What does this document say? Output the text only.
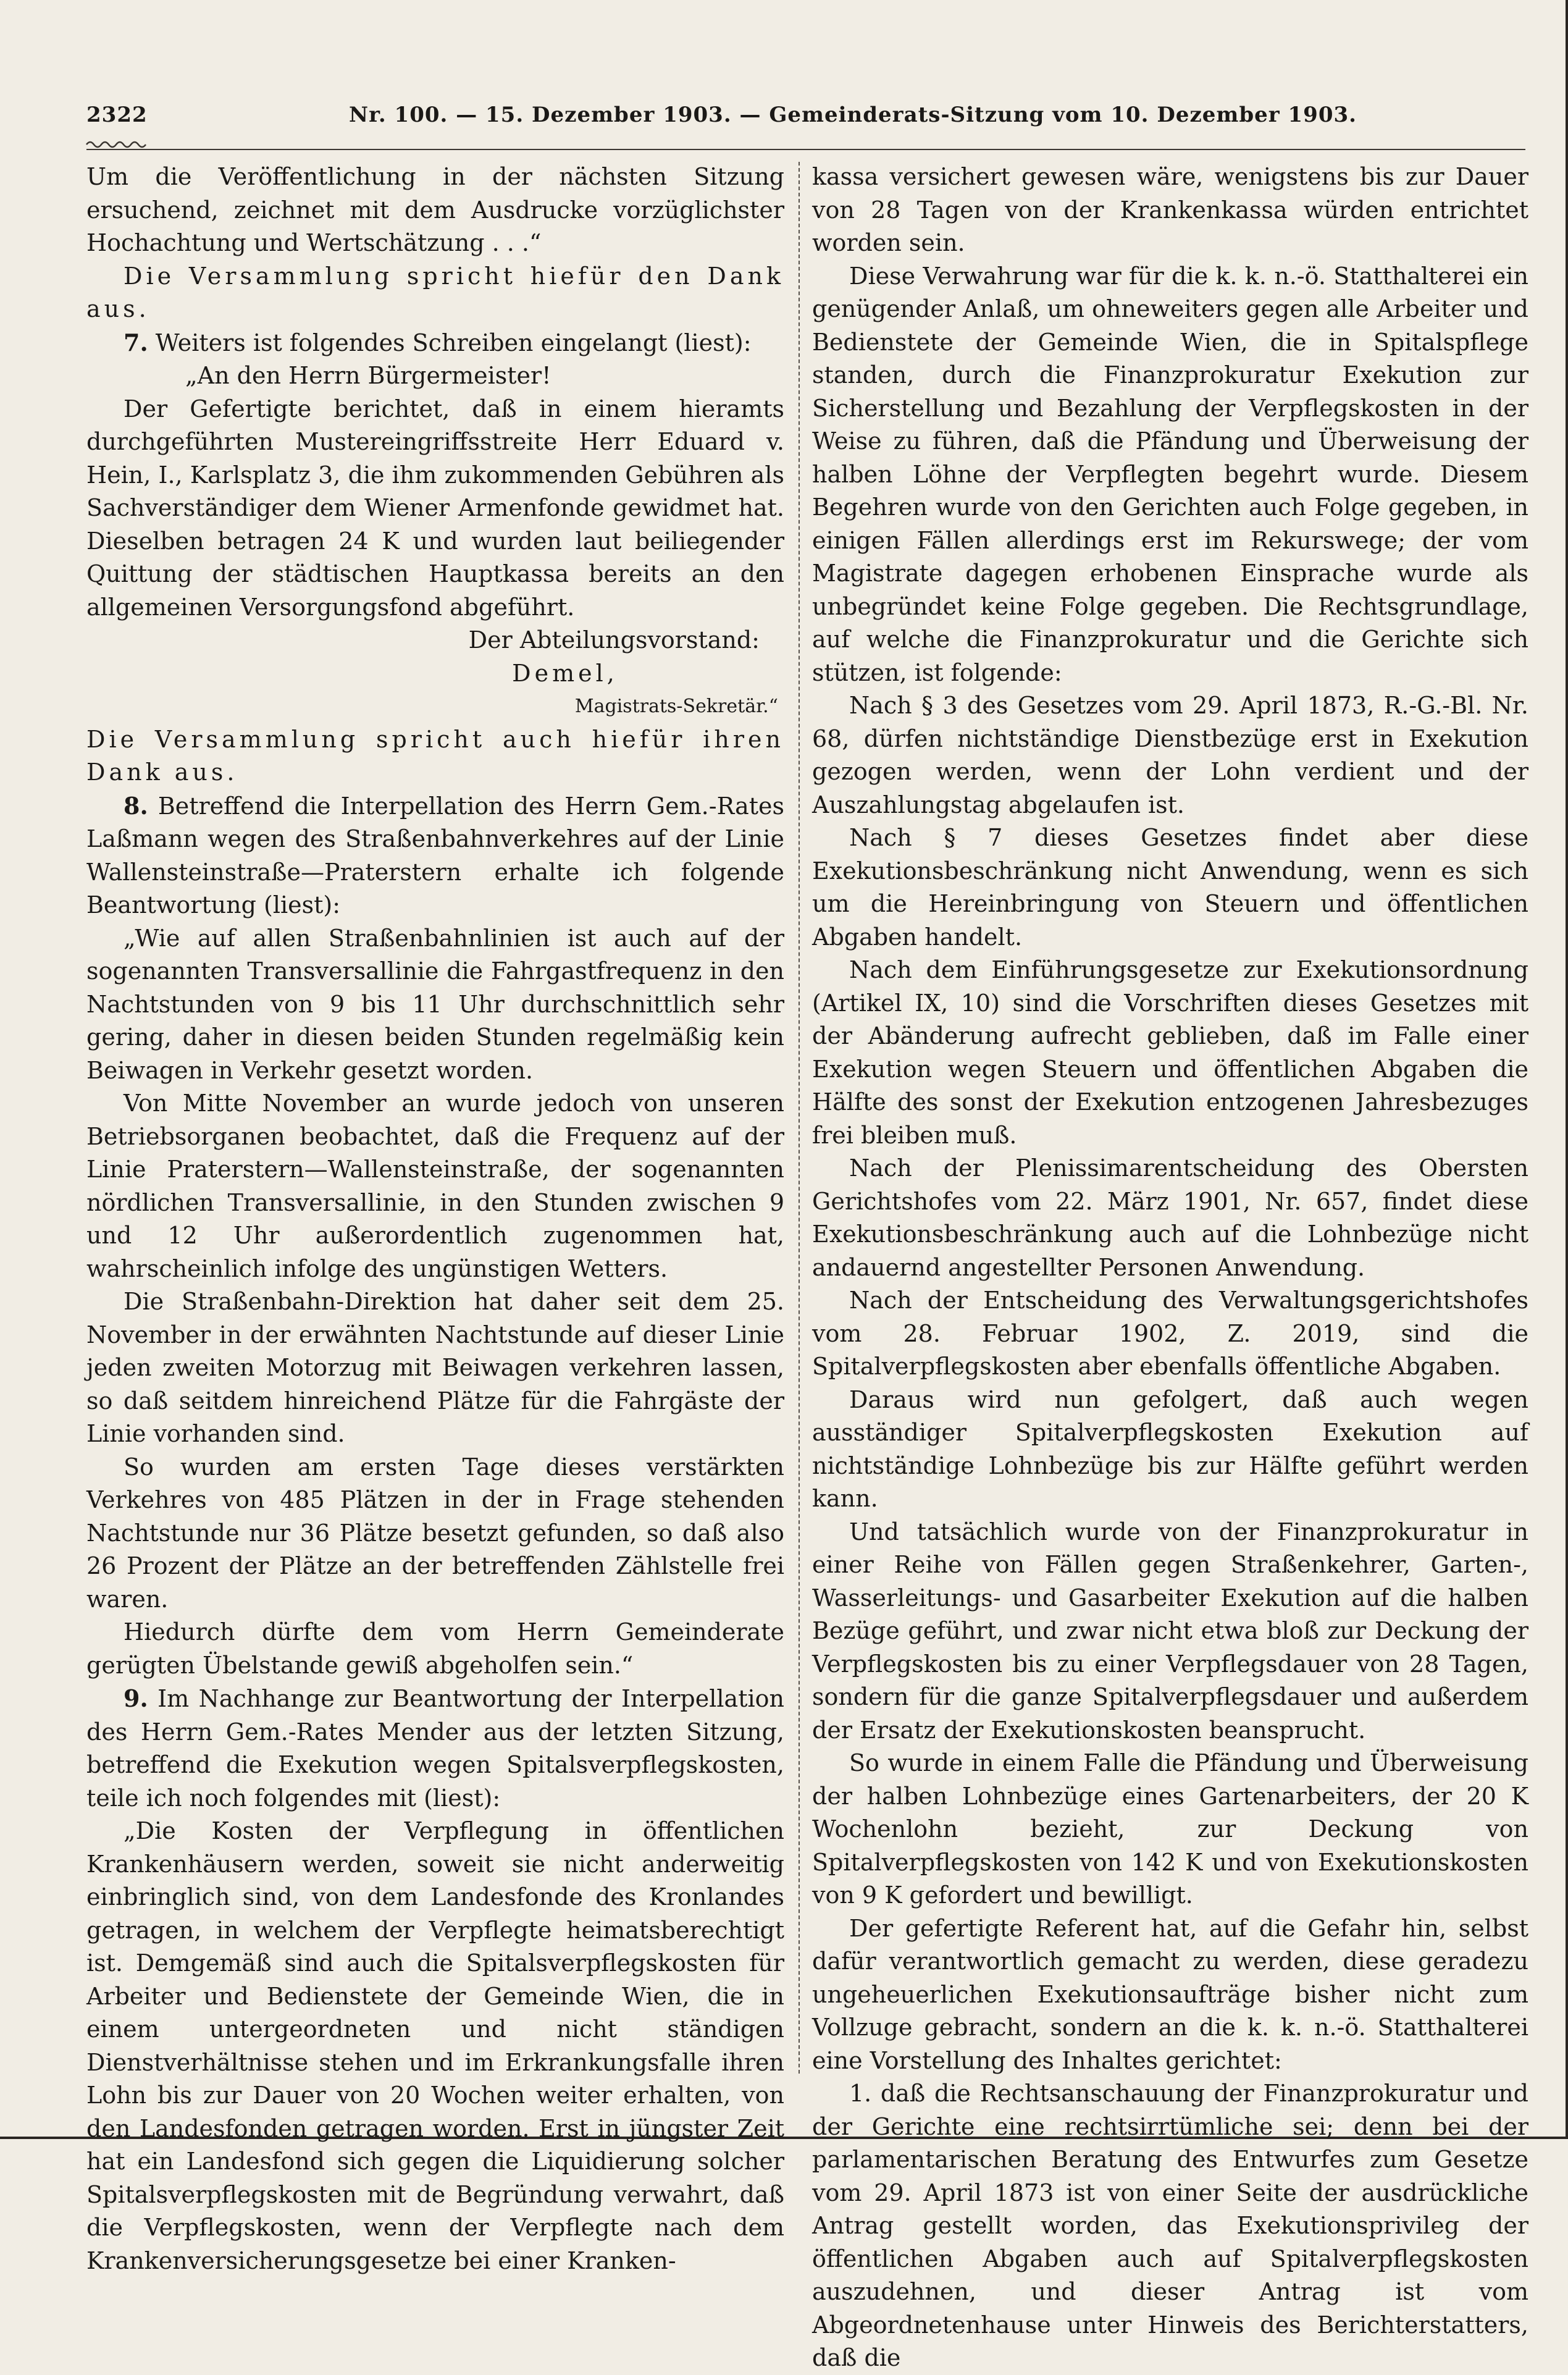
2322	Nr. 100. — 15. Dezember 1903. — Gemeinderats-Sitzung vom 10. Dezember 1903.

Um die Veröffentlichung in der nächsten Sitzung ersuchend, zeichnet mit dem Ausdrucke vorzüglichster Hochachtung und Wertschätzung . . .“

Die Versammlung spricht hiefür den Dank aus.

7. Weiters ist folgendes Schreiben eingelangt (liest):

„An den Herrn Bürgermeister!

Der Gefertigte berichtet, daß in einem hieramts durchgeführten Mustereingriffsstreite Herr Eduard v. Hein, I., Karlsplatz 3, die ihm zukommenden Gebühren als Sachverständiger dem Wiener Armenfonde gewidmet hat. Dieselben betragen 24 K und wurden laut beiliegender Quittung der städtischen Hauptkassa bereits an den allgemeinen Versorgungsfond abgeführt.

Der Abteilungsvorstand:

Demel,

Magistrats-Sekretär.“

Die Versammlung spricht auch hiefür ihren Dank aus.

8. Betreffend die Interpellation des Herrn Gem.-Rates Laßmann wegen des Straßenbahnverkehres auf der Linie Wallensteinstraße—Praterstern erhalte ich folgende Beantwortung (liest):

„Wie auf allen Straßenbahnlinien ist auch auf der sogenannten Transversallinie die Fahrgastfrequenz in den Nachtstunden von 9 bis 11 Uhr durchschnittlich sehr gering, daher in diesen beiden Stunden regelmäßig kein Beiwagen in Verkehr gesetzt worden.

Von Mitte November an wurde jedoch von unseren Betriebsorganen beobachtet, daß die Frequenz auf der Linie Praterstern—Wallensteinstraße, der sogenannten nördlichen Transversallinie, in den Stunden zwischen 9 und 12 Uhr außerordentlich zugenommen hat, wahrscheinlich infolge des ungünstigen Wetters.

Die Straßenbahn-Direktion hat daher seit dem 25. November in der erwähnten Nachtstunde auf dieser Linie jeden zweiten Motorzug mit Beiwagen verkehren lassen, so daß seitdem hinreichend Plätze für die Fahrgäste der Linie vorhanden sind.

So wurden am ersten Tage dieses verstärkten Verkehres von 485 Plätzen in der in Frage stehenden Nachtstunde nur 36 Plätze besetzt gefunden, so daß also 26 Prozent der Plätze an der betreffenden Zählstelle frei waren.

Hiedurch dürfte dem vom Herrn Gemeinderate gerügten Übelstande gewiß abgeholfen sein.“

9. Im Nachhange zur Beantwortung der Interpellation des Herrn Gem.-Rates Mender aus der letzten Sitzung, betreffend die Exekution wegen Spitalsverpflegskosten, teile ich noch folgendes mit (liest):

„Die Kosten der Verpflegung in öffentlichen Krankenhäusern werden, soweit sie nicht anderweitig einbringlich sind, von dem Landesfonde des Kronlandes getragen, in welchem der Verpflegte heimatsberechtigt ist. Demgemäß sind auch die Spitalsverpflegskosten für Arbeiter und Bedienstete der Gemeinde Wien, die in einem untergeordneten und nicht ständigen Dienstverhältnisse stehen und im Erkrankungsfalle ihren Lohn bis zur Dauer von 20 Wochen weiter erhalten, von den Landesfonden getragen worden. Erst in jüngster Zeit hat ein Landesfond sich gegen die Liquidierung solcher Spitalsverpflegskosten mit de Begründung verwahrt, daß die Verpflegskosten, wenn der Verpflegte nach dem Krankenversicherungsgesetze bei einer Kranken-

kassa versichert gewesen wäre, wenigstens bis zur Dauer von 28 Tagen von der Krankenkassa würden entrichtet worden sein.

Diese Verwahrung war für die k. k. n.-ö. Statthalterei ein genügender Anlaß, um ohneweiters gegen alle Arbeiter und Bedienstete der Gemeinde Wien, die in Spitalspflege standen, durch die Finanzprokuratur Exekution zur Sicherstellung und Bezahlung der Verpflegskosten in der Weise zu führen, daß die Pfändung und Überweisung der halben Löhne der Verpflegten begehrt wurde. Diesem Begehren wurde von den Gerichten auch Folge gegeben, in einigen Fällen allerdings erst im Rekurswege; der vom Magistrate dagegen erhobenen Einsprache wurde als unbegründet keine Folge gegeben. Die Rechtsgrundlage, auf welche die Finanzprokuratur und die Gerichte sich stützen, ist folgende:

Nach § 3 des Gesetzes vom 29. April 1873, R.-G.-Bl. Nr. 68, dürfen nichtständige Dienstbezüge erst in Exekution gezogen werden, wenn der Lohn verdient und der Auszahlungstag abgelaufen ist.

Nach § 7 dieses Gesetzes findet aber diese Exekutionsbeschränkung nicht Anwendung, wenn es sich um die Hereinbringung von Steuern und öffentlichen Abgaben handelt.

Nach dem Einführungsgesetze zur Exekutionsordnung (Artikel IX, 10) sind die Vorschriften dieses Gesetzes mit der Abänderung aufrecht geblieben, daß im Falle einer Exekution wegen Steuern und öffentlichen Abgaben die Hälfte des sonst der Exekution entzogenen Jahresbezuges frei bleiben muß.

Nach der Plenissimarentscheidung des Obersten Gerichtshofes vom 22. März 1901, Nr. 657, findet diese Exekutionsbeschränkung auch auf die Lohnbezüge nicht andauernd angestellter Personen Anwendung.

Nach der Entscheidung des Verwaltungsgerichtshofes vom 28. Februar 1902, Z. 2019, sind die Spitalverpflegskosten aber ebenfalls öffentliche Abgaben.

Daraus wird nun gefolgert, daß auch wegen ausständiger Spitalverpflegskosten Exekution auf nichtständige Lohnbezüge bis zur Hälfte geführt werden kann.

Und tatsächlich wurde von der Finanzprokuratur in einer Reihe von Fällen gegen Straßenkehrer, Garten-, Wasserleitungs- und Gasarbeiter Exekution auf die halben Bezüge geführt, und zwar nicht etwa bloß zur Deckung der Verpflegskosten bis zu einer Verpflegsdauer von 28 Tagen, sondern für die ganze Spitalverpflegsdauer und außerdem der Ersatz der Exekutionskosten beansprucht.

So wurde in einem Falle die Pfändung und Überweisung der halben Lohnbezüge eines Gartenarbeiters, der 20 K Wochenlohn bezieht, zur Deckung von Spitalverpflegskosten von 142 K und von Exekutionskosten von 9 K gefordert und bewilligt.

Der gefertigte Referent hat, auf die Gefahr hin, selbst dafür verantwortlich gemacht zu werden, diese geradezu ungeheuerlichen Exekutionsaufträge bisher nicht zum Vollzuge gebracht, sondern an die k. k. n.-ö. Statthalterei eine Vorstellung des Inhaltes gerichtet:

1. daß die Rechtsanschauung der Finanzprokuratur und der Gerichte eine rechtsirrtümliche sei; denn bei der parlamentarischen Beratung des Entwurfes zum Gesetze vom 29. April 1873 ist von einer Seite der ausdrückliche Antrag gestellt worden, das Exekutionsprivileg der öffentlichen Abgaben auch auf Spitalverpflegskosten auszudehnen, und dieser Antrag ist vom Abgeordnetenhause unter Hinweis des Berichterstatters, daß die
